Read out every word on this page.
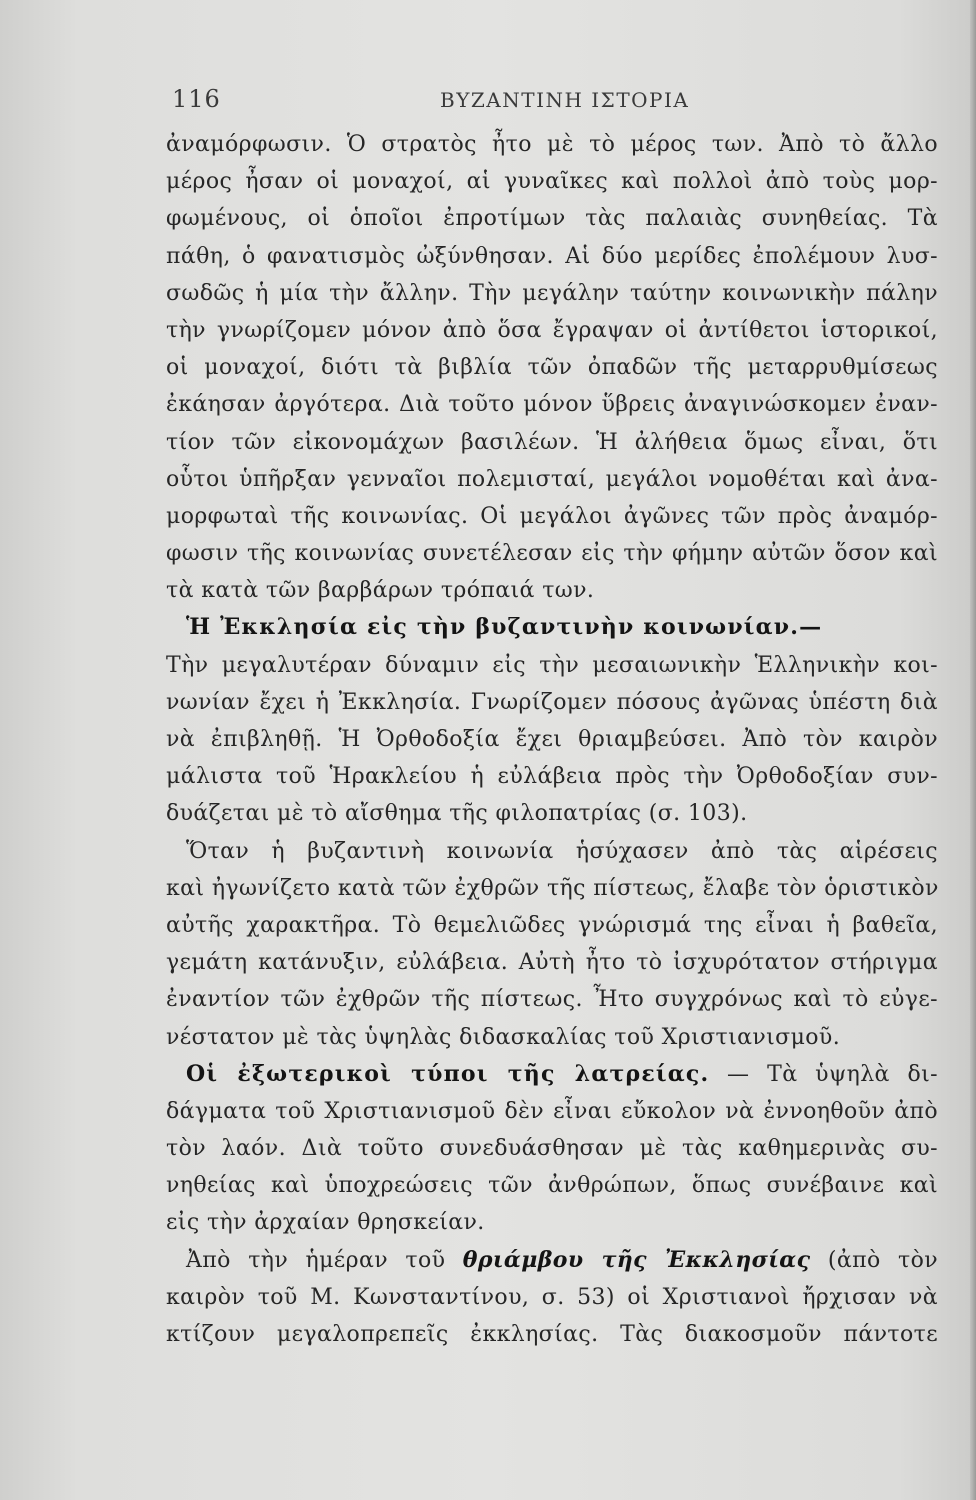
116	ΒΥΖΑΝΤΙΝΗ ΙΣΤΟΡΙΑ
ἀναμόρφωσιν. Ὁ στρατὸς ἦτο μὲ τὸ μέρος των. Ἀπὸ τὸ ἄλλο
μέρος ἦσαν οἱ μοναχοί, αἱ γυναῖκες καὶ πολλοὶ ἀπὸ τοὺς μορ-
φωμένους, οἱ ὁποῖοι ἐπροτίμων τὰς παλαιὰς συνηθείας. Τὰ
πάθη, ὁ φανατισμὸς ὠξύνθησαν. Αἱ δύο μερίδες ἐπολέμουν λυσ-
σωδῶς ἡ μία τὴν ἄλλην. Τὴν μεγάλην ταύτην κοινωνικὴν πάλην
τὴν γνωρίζομεν μόνον ἀπὸ ὅσα ἔγραψαν οἱ ἀντίθετοι ἱστορικοί,
οἱ μοναχοί, διότι τὰ βιβλία τῶν ὀπαδῶν τῆς μεταρρυθμίσεως
ἐκάησαν ἀργότερα. Διὰ τοῦτο μόνον ὕβρεις ἀναγινώσκομεν ἐναν-
τίον τῶν εἰκονομάχων βασιλέων. Ἡ ἀλήθεια ὅμως εἶναι, ὅτι
οὗτοι ὑπῆρξαν γενναῖοι πολεμισταί, μεγάλοι νομοθέται καὶ ἀνα-
μορφωταὶ τῆς κοινωνίας. Οἱ μεγάλοι ἀγῶνες τῶν πρὸς ἀναμόρ-
φωσιν τῆς κοινωνίας συνετέλεσαν εἰς τὴν φήμην αὐτῶν ὅσον καὶ
τὰ κατὰ τῶν βαρβάρων τρόπαιά των.
Ἡ Ἐκκλησία εἰς τὴν βυζαντινὴν κοινωνίαν.—
Τὴν μεγαλυτέραν δύναμιν εἰς τὴν μεσαιωνικὴν Ἑλληνικὴν κοι-
νωνίαν ἔχει ἡ Ἐκκλησία. Γνωρίζομεν πόσους ἀγῶνας ὑπέστη διὰ
νὰ ἐπιβληθῇ. Ἡ Ὀρθοδοξία ἔχει θριαμβεύσει. Ἀπὸ τὸν καιρὸν
μάλιστα τοῦ Ἡρακλείου ἡ εὐλάβεια πρὸς τὴν Ὀρθοδοξίαν συν-
δυάζεται μὲ τὸ αἴσθημα τῆς φιλοπατρίας (σ. 103).
Ὅταν ἡ βυζαντινὴ κοινωνία ἡσύχασεν ἀπὸ τὰς αἱρέσεις
καὶ ἠγωνίζετο κατὰ τῶν ἐχθρῶν τῆς πίστεως, ἔλαβε τὸν ὁριστικὸν
αὐτῆς χαρακτῆρα. Τὸ θεμελιῶδες γνώρισμά της εἶναι ἡ βαθεῖα,
γεμάτη κατάνυξιν, εὐλάβεια. Αὐτὴ ἦτο τὸ ἰσχυρότατον στήριγμα
ἐναντίον τῶν ἐχθρῶν τῆς πίστεως. Ἦτο συγχρόνως καὶ τὸ εὐγε-
νέστατον μὲ τὰς ὑψηλὰς διδασκαλίας τοῦ Χριστιανισμοῦ.
Οἱ ἐξωτερικοὶ τύποι τῆς λατρείας. — Τὰ ὑψηλὰ δι-
δάγματα τοῦ Χριστιανισμοῦ δὲν εἶναι εὔκολον νὰ ἐννοηθοῦν ἀπὸ
τὸν λαόν. Διὰ τοῦτο συνεδυάσθησαν μὲ τὰς καθημερινὰς συ-
νηθείας καὶ ὑποχρεώσεις τῶν ἀνθρώπων, ὅπως συνέβαινε καὶ
εἰς τὴν ἀρχαίαν θρησκείαν.
Ἀπὸ τὴν ἡμέραν τοῦ θριάμβου τῆς Ἐκκλησίας (ἀπὸ τὸν
καιρὸν τοῦ Μ. Κωνσταντίνου, σ. 53) οἱ Χριστιανοὶ ἤρχισαν νὰ
κτίζουν μεγαλοπρεπεῖς ἐκκλησίας. Τὰς διακοσμοῦν πάντοτε
